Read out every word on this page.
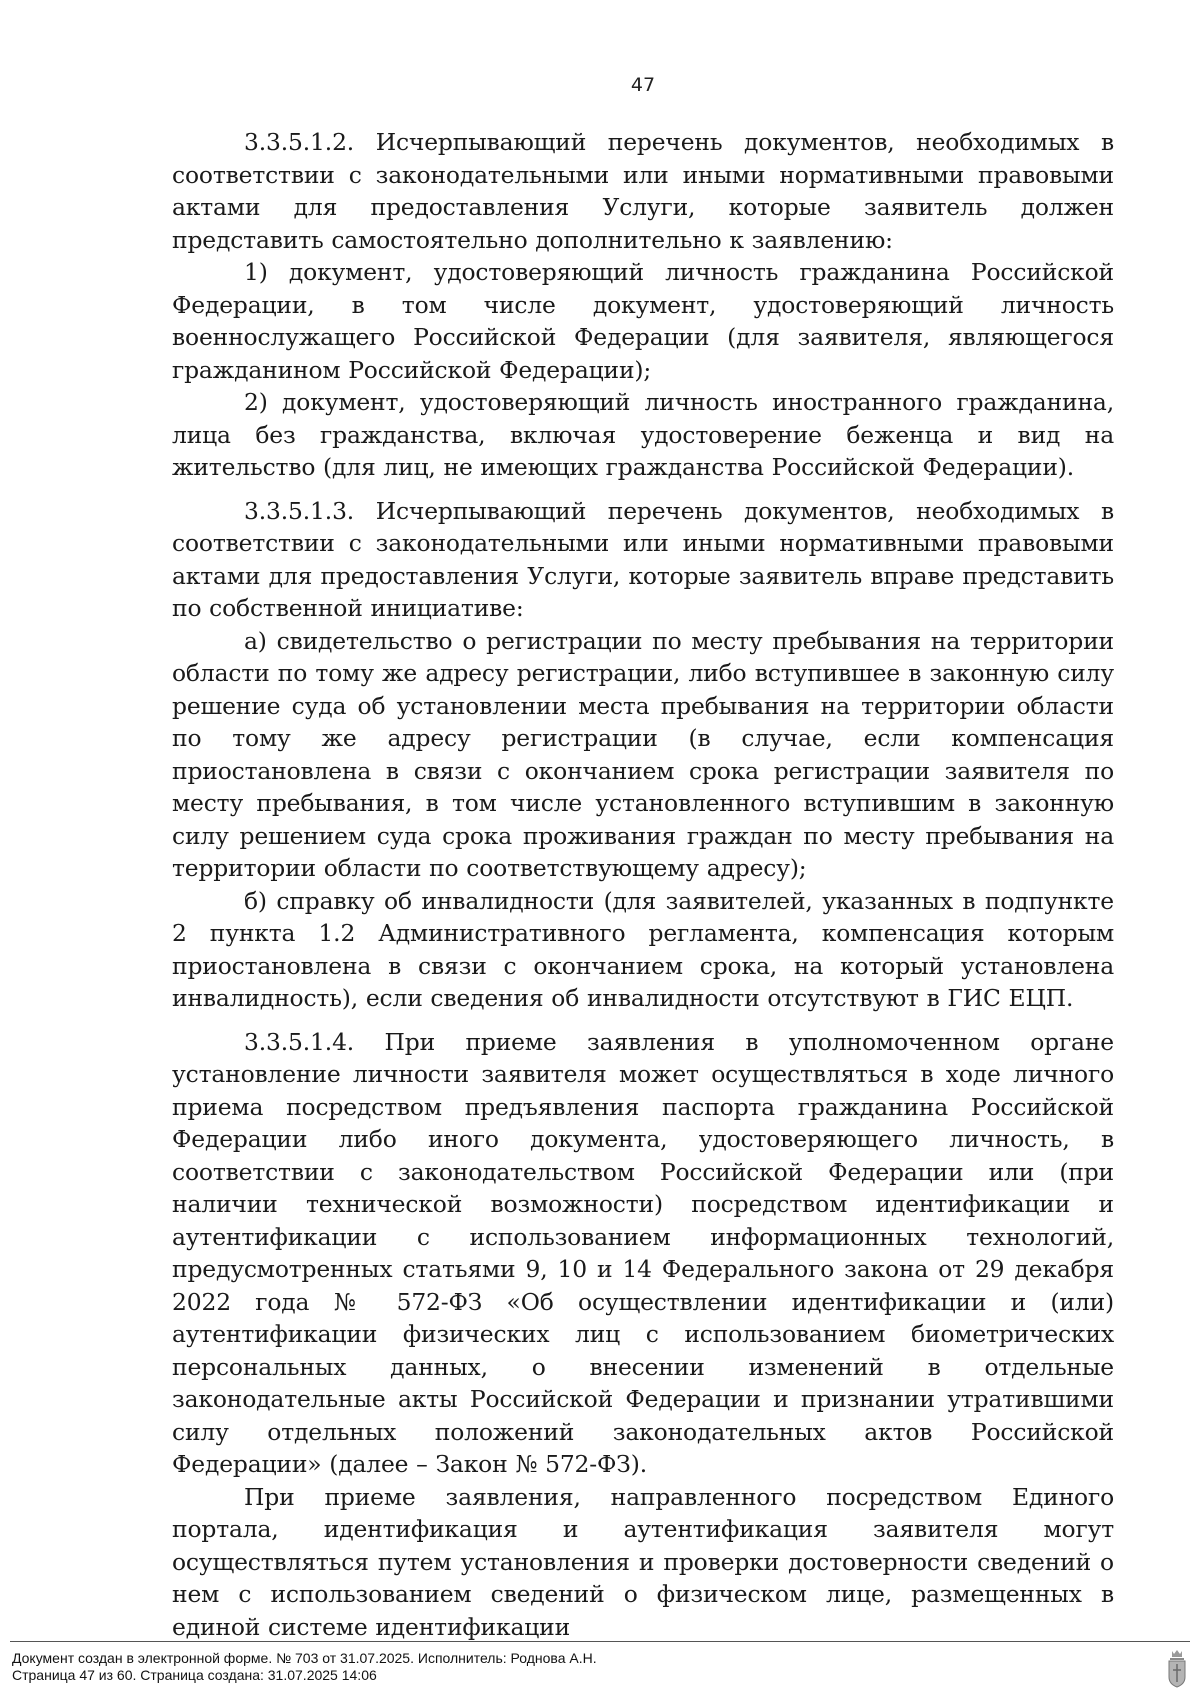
47

3.3.5.1.2. Исчерпывающий перечень документов, необходимых в соответствии с законодательными или иными нормативными правовыми актами для предоставления Услуги, которые заявитель должен представить самостоятельно дополнительно к заявлению:

1) документ, удостоверяющий личность гражданина Российской Федерации, в том числе документ, удостоверяющий личность военнослужащего Российской Федерации (для заявителя, являющегося гражданином Российской Федерации);

2) документ, удостоверяющий личность иностранного гражданина, лица без гражданства, включая удостоверение беженца и вид на жительство (для лиц, не имеющих гражданства Российской Федерации).

3.3.5.1.3. Исчерпывающий перечень документов, необходимых в соответствии с законодательными или иными нормативными правовыми актами для предоставления Услуги, которые заявитель вправе представить по собственной инициативе:

а) свидетельство о регистрации по месту пребывания на территории области по тому же адресу регистрации, либо вступившее в законную силу решение суда об установлении места пребывания на территории области по тому же адресу регистрации (в случае, если компенсация приостановлена в связи с окончанием срока регистрации заявителя по месту пребывания, в том числе установленного вступившим в законную силу решением суда срока проживания граждан по месту пребывания на территории области по соответствующему адресу);

б) справку об инвалидности (для заявителей, указанных в подпункте 2 пункта 1.2 Административного регламента, компенсация которым приостановлена в связи с окончанием срока, на который установлена инвалидность), если сведения об инвалидности отсутствуют в ГИС ЕЦП.

3.3.5.1.4. При приеме заявления в уполномоченном органе установление личности заявителя может осуществляться в ходе личного приема посредством предъявления паспорта гражданина Российской Федерации либо иного документа, удостоверяющего личность, в соответствии с законодательством Российской Федерации или (при наличии технической возможности) посредством идентификации и аутентификации с использованием информационных технологий, предусмотренных статьями 9, 10 и 14 Федерального закона от 29 декабря 2022 года № 572-ФЗ «Об осуществлении идентификации и (или) аутентификации физических лиц с использованием биометрических персональных данных, о внесении изменений в отдельные законодательные акты Российской Федерации и признании утратившими силу отдельных положений законодательных актов Российской Федерации» (далее – Закон № 572-ФЗ).

При приеме заявления, направленного посредством Единого портала, идентификация и аутентификация заявителя могут осуществляться путем установления и проверки достоверности сведений о нем с использованием сведений о физическом лице, размещенных в единой системе идентификации

Документ создан в электронной форме. № 703 от 31.07.2025. Исполнитель: Роднова А.Н.
Страница 47 из 60. Страница создана: 31.07.2025 14:06
